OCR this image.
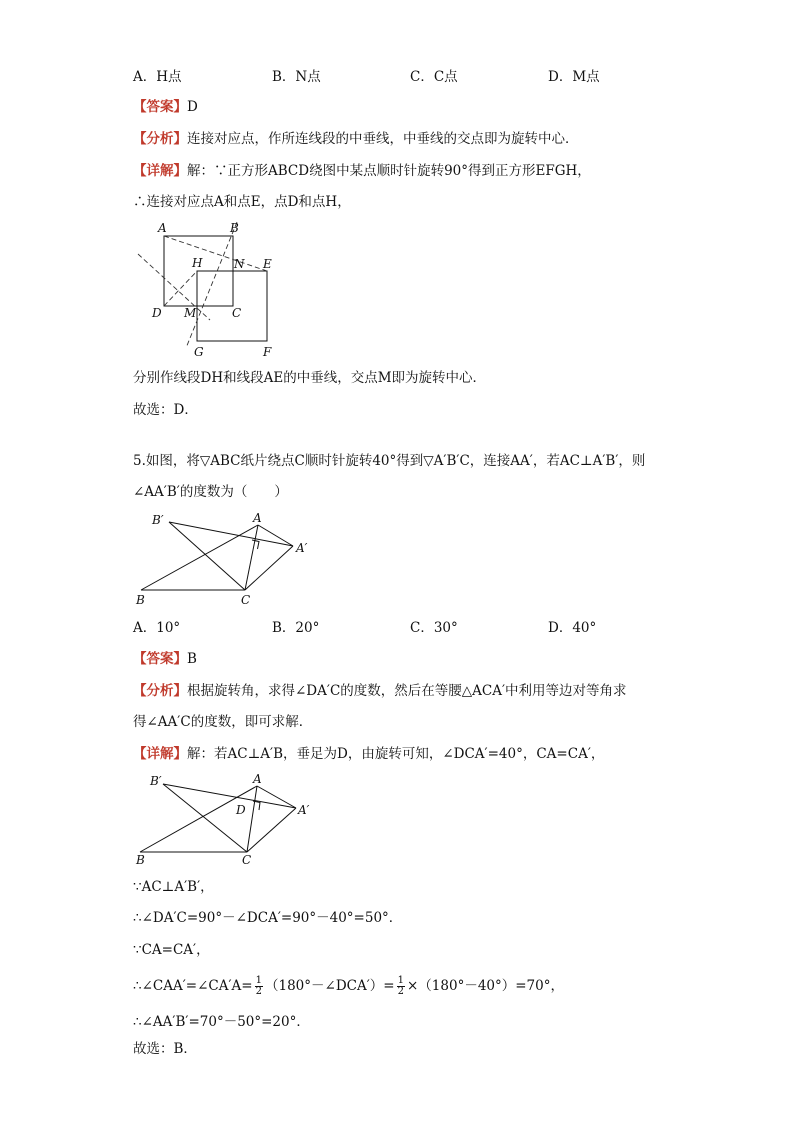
A．H点	B．N点	C．C点	D．M点
【答案】D
【分析】连接对应点，作所连线段的中垂线，中垂线的交点即为旋转中心．
【详解】解：∵正方形ABCD绕图中某点顺时针旋转90°得到正方形EFGH，
∴连接对应点A和点E，点D和点H，
A	B
H	N E
D M	C
G	F
分别作线段DH和线段AE的中垂线，交点M即为旋转中心．
故选：D．
5.如图，将▽ABC纸片绕点C顺时针旋转40°得到▽A′B′C，连接AA′，若AC⊥A′B′，则
∠AA′B′的度数为（　　）
B′	A
A′
B	C
A．10°	B．20°	C．30°	D．40°
【答案】B
【分析】根据旋转角，求得∠DA′C的度数，然后在等腰△ACA′中利用等边对等角求
得∠AA′C的度数，即可求解．
【详解】解：若AC⊥A′B，垂足为D，由旋转可知，∠DCA′=40°，CA=CA′，
B′	A
D	A′
B	C
∵AC⊥A′B′，
∴∠DA′C=90°－∠DCA′=90°－40°=50°．
∵CA=CA′，
∴∠CAA′=∠CA′A= $\frac{1}{2}$ （180°－∠DCA′）= $\frac{1}{2} \times(180^\circ-40^\circ)=70^\circ$，
∴∠AA′B′=70°－50°=20°．
故选：B．
